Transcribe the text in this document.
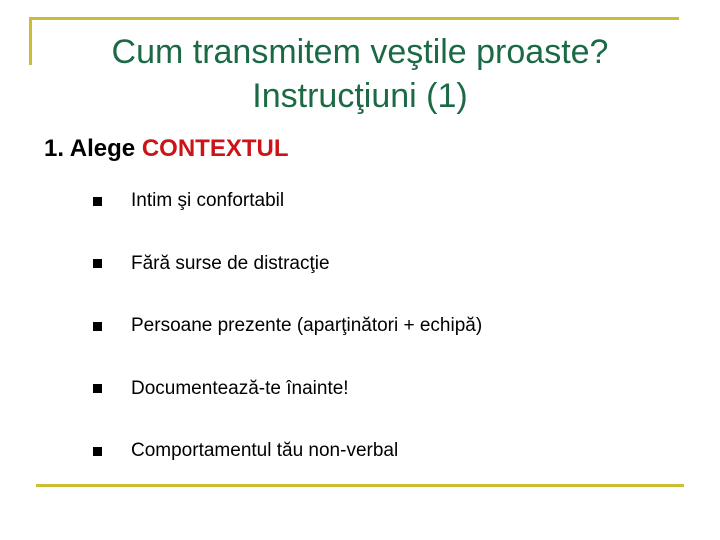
Cum transmitem veştile proaste?
Instrucţiuni (1)
1. Alege CONTEXTUL
Intim şi confortabil
Fără surse de distracţie
Persoane prezente (aparţinători + echipă)
Documentează-te înainte!
Comportamentul tău non-verbal
